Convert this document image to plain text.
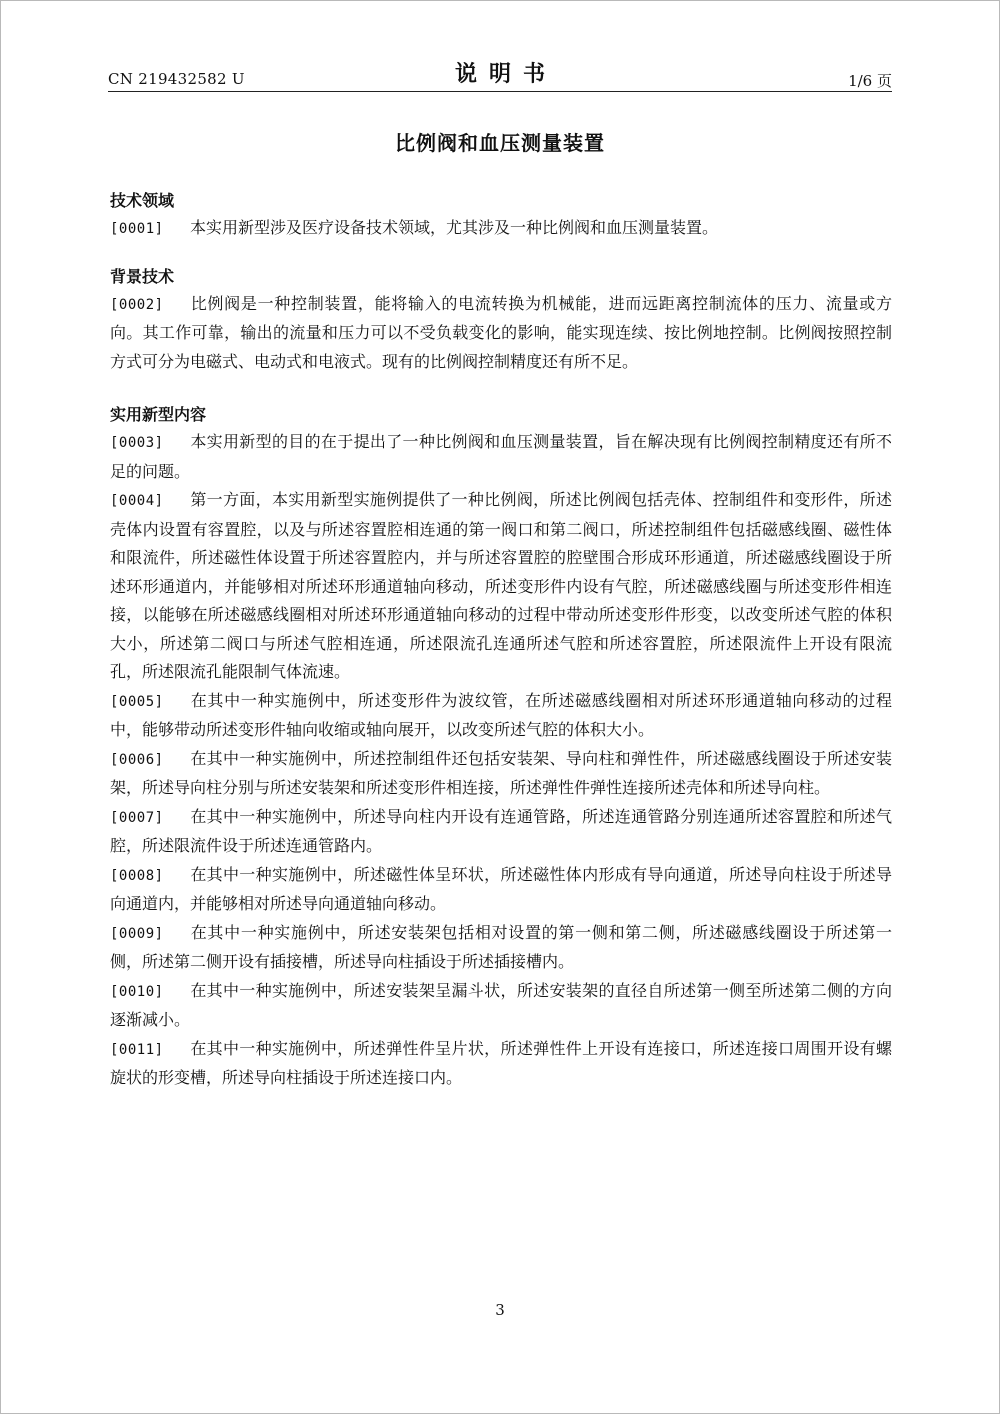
CN 219432582 U	说明书	1/6 页
比例阀和血压测量装置
技术领域

[0001] 本实用新型涉及医疗设备技术领域，尤其涉及一种比例阀和血压测量装置。

背景技术

[0002] 比例阀是一种控制装置，能将输入的电流转换为机械能，进而远距离控制流体的压力、流量或方向。其工作可靠，输出的流量和压力可以不受负载变化的影响，能实现连续、按比例地控制。比例阀按照控制方式可分为电磁式、电动式和电液式。现有的比例阀控制精度还有所不足。

实用新型内容

[0003] 本实用新型的目的在于提出了一种比例阀和血压测量装置，旨在解决现有比例阀控制精度还有所不足的问题。

[0004] 第一方面，本实用新型实施例提供了一种比例阀，所述比例阀包括壳体、控制组件和变形件，所述壳体内设置有容置腔，以及与所述容置腔相连通的第一阀口和第二阀口，所述控制组件包括磁感线圈、磁性体和限流件，所述磁性体设置于所述容置腔内，并与所述容置腔的腔壁围合形成环形通道，所述磁感线圈设于所述环形通道内，并能够相对所述环形通道轴向移动，所述变形件内设有气腔，所述磁感线圈与所述变形件相连接，以能够在所述磁感线圈相对所述环形通道轴向移动的过程中带动所述变形件形变，以改变所述气腔的体积大小，所述第二阀口与所述气腔相连通，所述限流孔连通所述气腔和所述容置腔，所述限流件上开设有限流孔，所述限流孔能限制气体流速。

[0005] 在其中一种实施例中，所述变形件为波纹管，在所述磁感线圈相对所述环形通道轴向移动的过程中，能够带动所述变形件轴向收缩或轴向展开，以改变所述气腔的体积大小。

[0006] 在其中一种实施例中，所述控制组件还包括安装架、导向柱和弹性件，所述磁感线圈设于所述安装架，所述导向柱分别与所述安装架和所述变形件相连接，所述弹性件弹性连接所述壳体和所述导向柱。

[0007] 在其中一种实施例中，所述导向柱内开设有连通管路，所述连通管路分别连通所述容置腔和所述气腔，所述限流件设于所述连通管路内。

[0008] 在其中一种实施例中，所述磁性体呈环状，所述磁性体内形成有导向通道，所述导向柱设于所述导向通道内，并能够相对所述导向通道轴向移动。

[0009] 在其中一种实施例中，所述安装架包括相对设置的第一侧和第二侧，所述磁感线圈设于所述第一侧，所述第二侧开设有插接槽，所述导向柱插设于所述插接槽内。

[0010] 在其中一种实施例中，所述安装架呈漏斗状，所述安装架的直径自所述第一侧至所述第二侧的方向逐渐减小。

[0011] 在其中一种实施例中，所述弹性件呈片状，所述弹性件上开设有连接口，所述连接口周围开设有螺旋状的形变槽，所述导向柱插设于所述连接口内。

3
